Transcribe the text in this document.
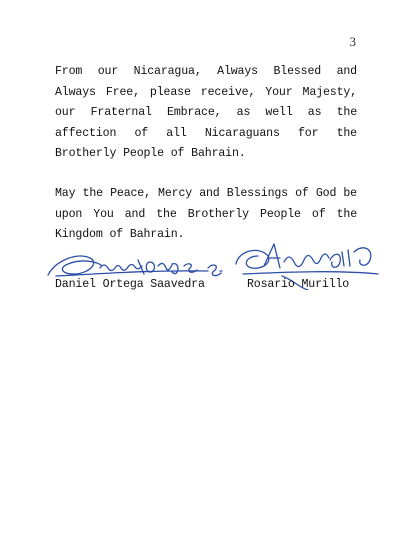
3

From our Nicaragua, Always Blessed and Always Free, please receive, Your Majesty, our Fraternal Embrace, as well as the affection of all Nicaraguans for the Brotherly People of Bahrain.

May the Peace, Mercy and Blessings of God be upon You and the Brotherly People of the Kingdom of Bahrain.

Daniel Ortega Saavedra	Rosario Murillo
